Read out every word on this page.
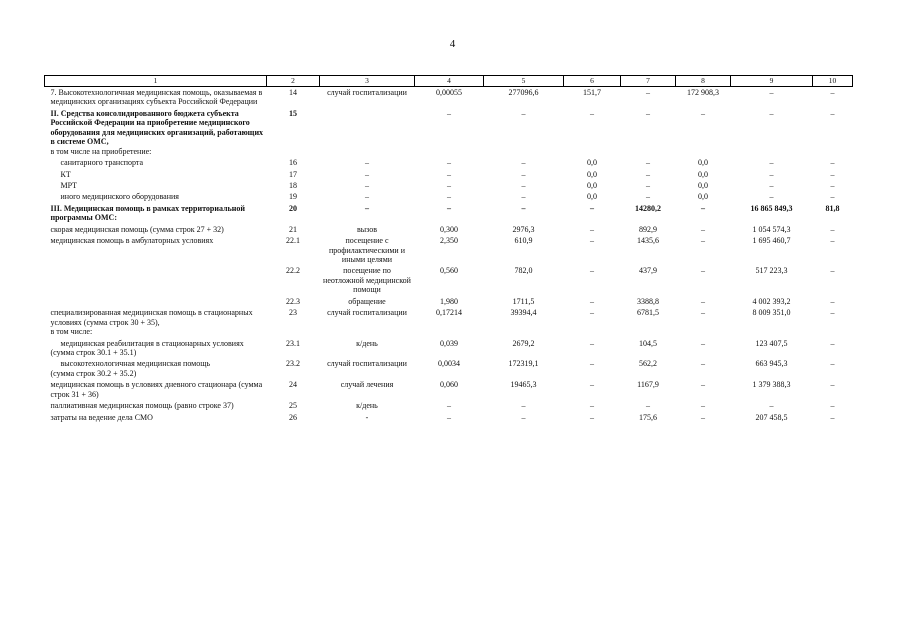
4
1	2	3	4	5	6	7	8	9	10
7. Высокотехнологичная медицинская помощь, оказываемая в медицинских организациях субъекта Российской Федерации	14	случай госпитализации	0,00055	277096,6	151,7	–	172 908,3	–	–
II. Средства консолидированного бюджета субъекта Российской Федерации на приобретение медицинского оборудования для медицинских организаций, работающих в системе ОМС,
в том числе на приобретение:	15		–	–	–	–	–	–	–
санитарного транспорта	16	–	–	–	0,0	–	0,0	–	–
КТ	17	–	–	–	0,0	–	0,0	–	–
МРТ	18	–	–	–	0,0	–	0,0	–	–
иного медицинского оборудования	19	–	–	–	0,0	–	0,0	–	–
III. Медицинская помощь в рамках территориальной программы ОМС:	20	–	–	–	–	14280,2	–	16 865 849,3	81,8
скорая медицинская помощь (сумма строк 27 + 32)	21	вызов	0,300	2976,3	–	892,9	–	1 054 574,3	–
медицинская помощь в амбулаторных условиях	22.1	посещение с профилактическими и иными целями	2,350	610,9	–	1435,6	–	1 695 460,7	–
	22.2	посещение по неотложной медицинской помощи	0,560	782,0	–	437,9	–	517 223,3	–
	22.3	обращение	1,980	1711,5	–	3388,8	–	4 002 393,2	–
специализированная медицинская помощь в стационарных условиях (сумма строк 30 + 35),
в том числе:	23	случай госпитализации	0,17214	39394,4	–	6781,5	–	8 009 351,0	–
медицинская реабилитация в стационарных условиях
(сумма строк 30.1 + 35.1)	23.1	к/день	0,039	2679,2	–	104,5	–	123 407,5	–
высокотехнологичная медицинская помощь
(сумма строк 30.2 + 35.2)	23.2	случай госпитализации	0,0034	172319,1	–	562,2	–	663 945,3	–
медицинская помощь в условиях дневного стационара (сумма строк 31 + 36)	24	случай лечения	0,060	19465,3	–	1167,9	–	1 379 388,3	–
паллиативная медицинская помощь (равно строке 37)	25	к/день	–	–	–	–	–	–	–
затраты на ведение дела СМО	26	-	–	–	–	175,6	–	207 458,5	–
